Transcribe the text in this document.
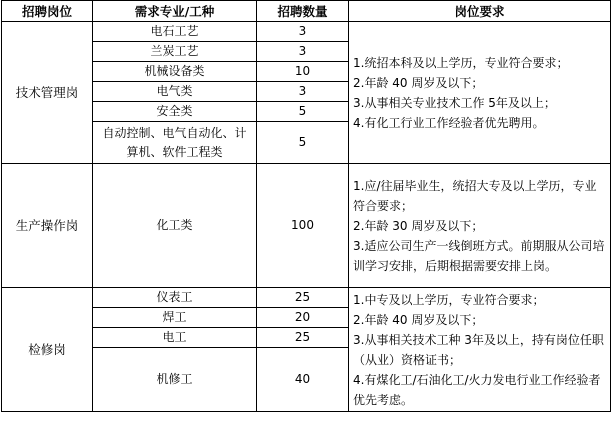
招聘岗位	需求专业/工种	招聘数量	岗位要求
技术管理岗	电石工艺	3	1.统招本科及以上学历，专业符合要求；
2.年龄 40 周岁及以下；
3.从事相关专业技术工作 5年及以上；
4.有化工行业工作经验者优先聘用。

	兰炭工艺	3	
	机械设备类	10	
	电气类	3	
	安全类	5	
	自动控制、电气自动化、计算机、软件工程类	5	
生产操作岗	化工类	100	1.应/往届毕业生，统招大专及以上学历，专业符合要求；
2.年龄 30 周岁及以下；
3.适应公司生产一线倒班方式。前期服从公司培训学习安排，后期根据需要安排上岗。

检修岗	仪表工	25	1.中专及以上学历，专业符合要求；
2.年龄 40 周岁及以下；
3.从事相关技术工种 3年及以上，持有岗位任职（从业）资格证书；
4.有煤化工/石油化工/火力发电行业工作经验者优先考虑。

	焊工	20	
	电工	25	
	机修工	40	
